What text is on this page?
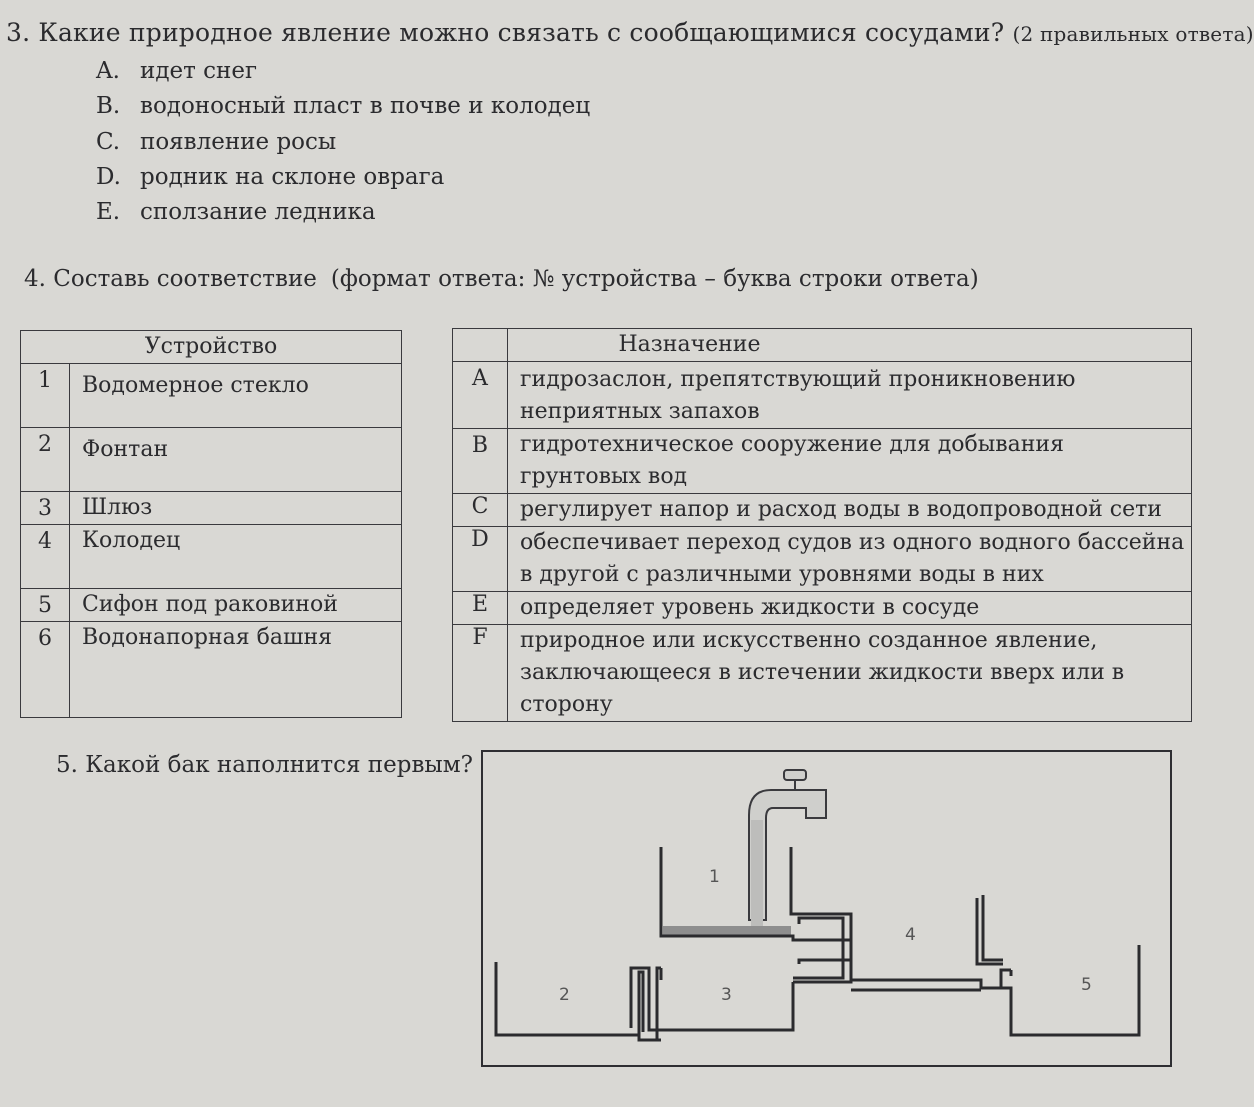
3. Какие природное явление можно связать с сообщающимися сосудами? (2 правильных ответа)
A. идет снег
B. водоносный пласт в почве и колодец
C. появление росы
D. родник на склоне оврага
E. сползание ледника
4. Составь соответствие (формат ответа: № устройства – буква строки ответа)
Устройство	
1	Водомерное стекло
2	Фонтан
3	Шлюз
4	Колодец
5	Сифон под раковиной
6	Водонапорная башня
	Назначение
A	гидрозаслон, препятствующий проникновению неприятных запахов
B	гидротехническое сооружение для добывания грунтовых вод
C	регулирует напор и расход воды в водопроводной сети
D	обеспечивает переход судов из одного водного бассейна в другой с различными уровнями воды в них
E	определяет уровень жидкости в сосуде
F	природное или искусственно созданное явление, заключающееся в истечении жидкости вверх или в сторону
5. Какой бак наполнится первым?
1
2	3
4
5
